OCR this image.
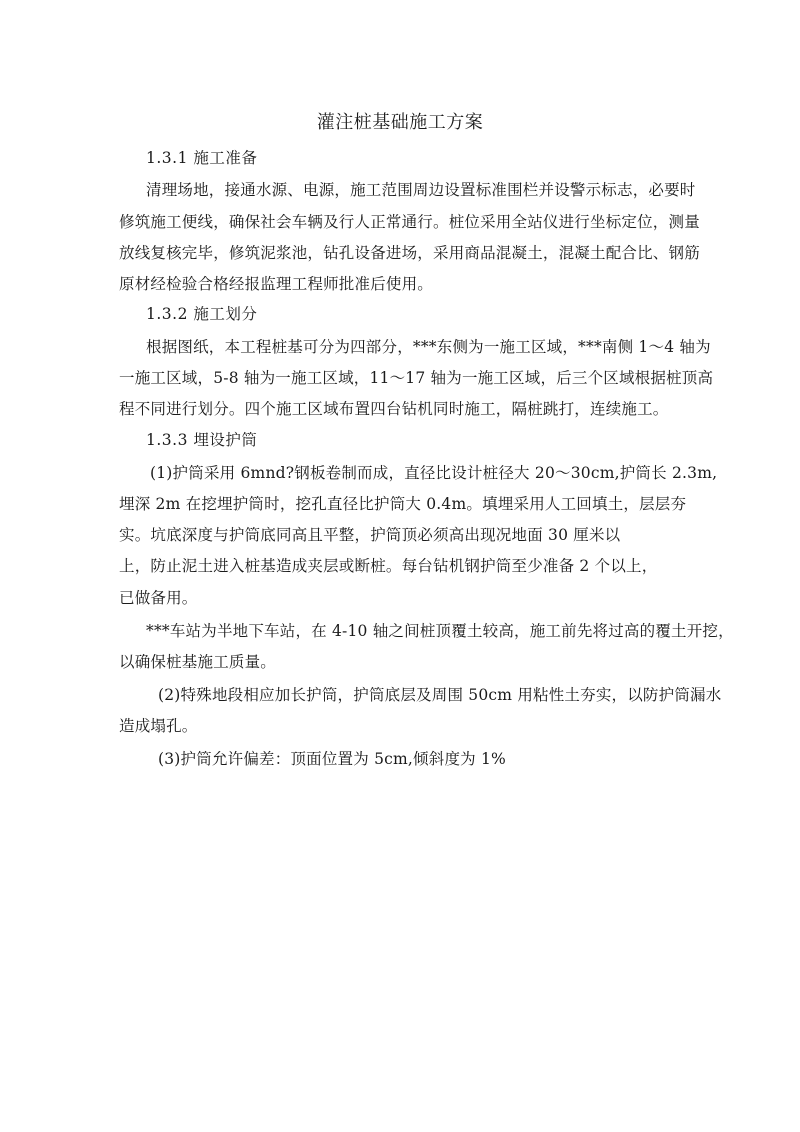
灌注桩基础施工方案
1.3.1 施工准备
清理场地，接通水源、电源，施工范围周边设置标准围栏并设警示标志，必要时
修筑施工便线，确保社会车辆及行人正常通行。桩位采用全站仪进行坐标定位，测量
放线复核完毕，修筑泥浆池，钻孔设备进场，采用商品混凝土，混凝土配合比、钢筋
原材经检验合格经报监理工程师批准后使用。
1.3.2 施工划分
根据图纸，本工程桩基可分为四部分，***东侧为一施工区域，***南侧 1～4 轴为
一施工区域，5-8 轴为一施工区域，11～17 轴为一施工区域，后三个区域根据桩顶高
程不同进行划分。四个施工区域布置四台钻机同时施工，隔桩跳打，连续施工。
1.3.3 埋设护筒
(1)护筒采用 6mnd?钢板卷制而成，直径比设计桩径大 20～30cm,护筒长 2.3m,
埋深 2m 在挖埋护筒时，挖孔直径比护筒大 0.4m。填埋采用人工回填土，层层夯
实。坑底深度与护筒底同高且平整，护筒顶必须高出现况地面 30 厘米以
上，防止泥土进入桩基造成夹层或断桩。每台钻机钢护筒至少准备 2 个以上，
已做备用。
***车站为半地下车站，在 4-10 轴之间桩顶覆土较高，施工前先将过高的覆土开挖，
以确保桩基施工质量。
(2)特殊地段相应加长护筒，护筒底层及周围 50cm 用粘性土夯实，以防护筒漏水
造成塌孔。
(3)护筒允许偏差：顶面位置为 5cm,倾斜度为 1%
